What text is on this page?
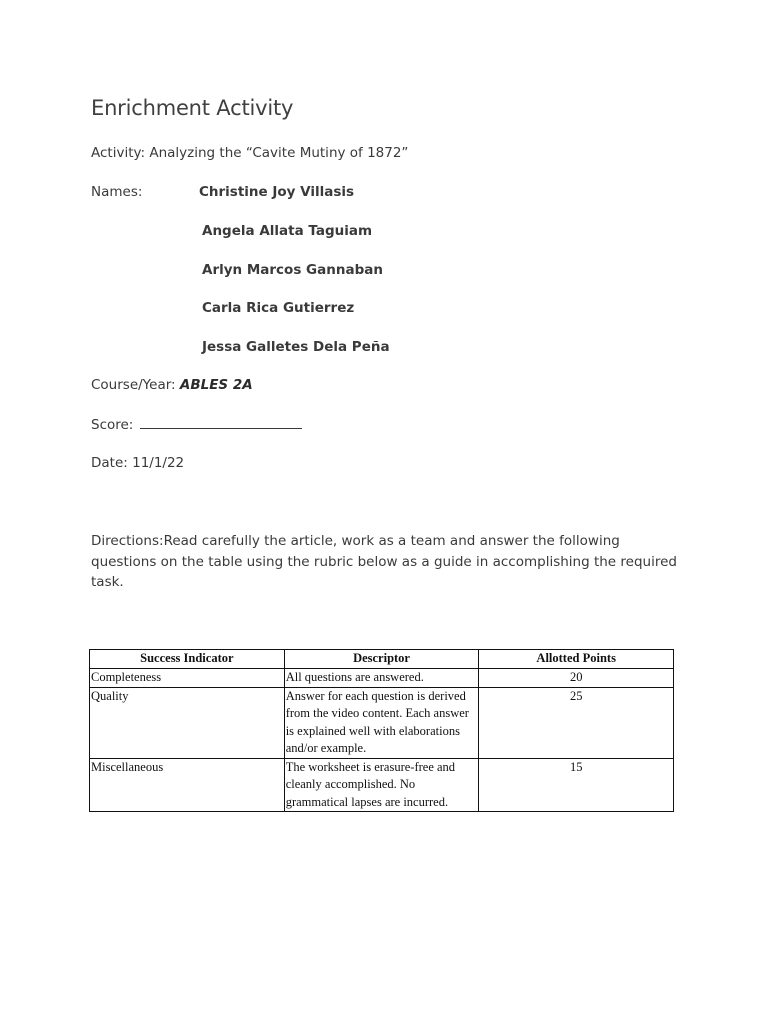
Enrichment Activity
Activity: Analyzing the “Cavite Mutiny of 1872”
Names:	Christine Joy Villasis
Angela Allata Taguiam
Arlyn Marcos Gannaban
Carla Rica Gutierrez
Jessa Galletes Dela Peña
Course/Year: ABLES 2A
Score:
Date: 11/1/22
Directions:Read carefully the article, work as a team and answer the following questions on the table using the rubric below as a guide in accomplishing the required task.
Success Indicator	Descriptor	Allotted Points
Completeness	All questions are answered.	20
Quality	Answer for each question is derived from the video content. Each answer is explained well with elaborations and/or example.	25
Miscellaneous	The worksheet is erasure-free and cleanly accomplished. No grammatical lapses are incurred.	15
